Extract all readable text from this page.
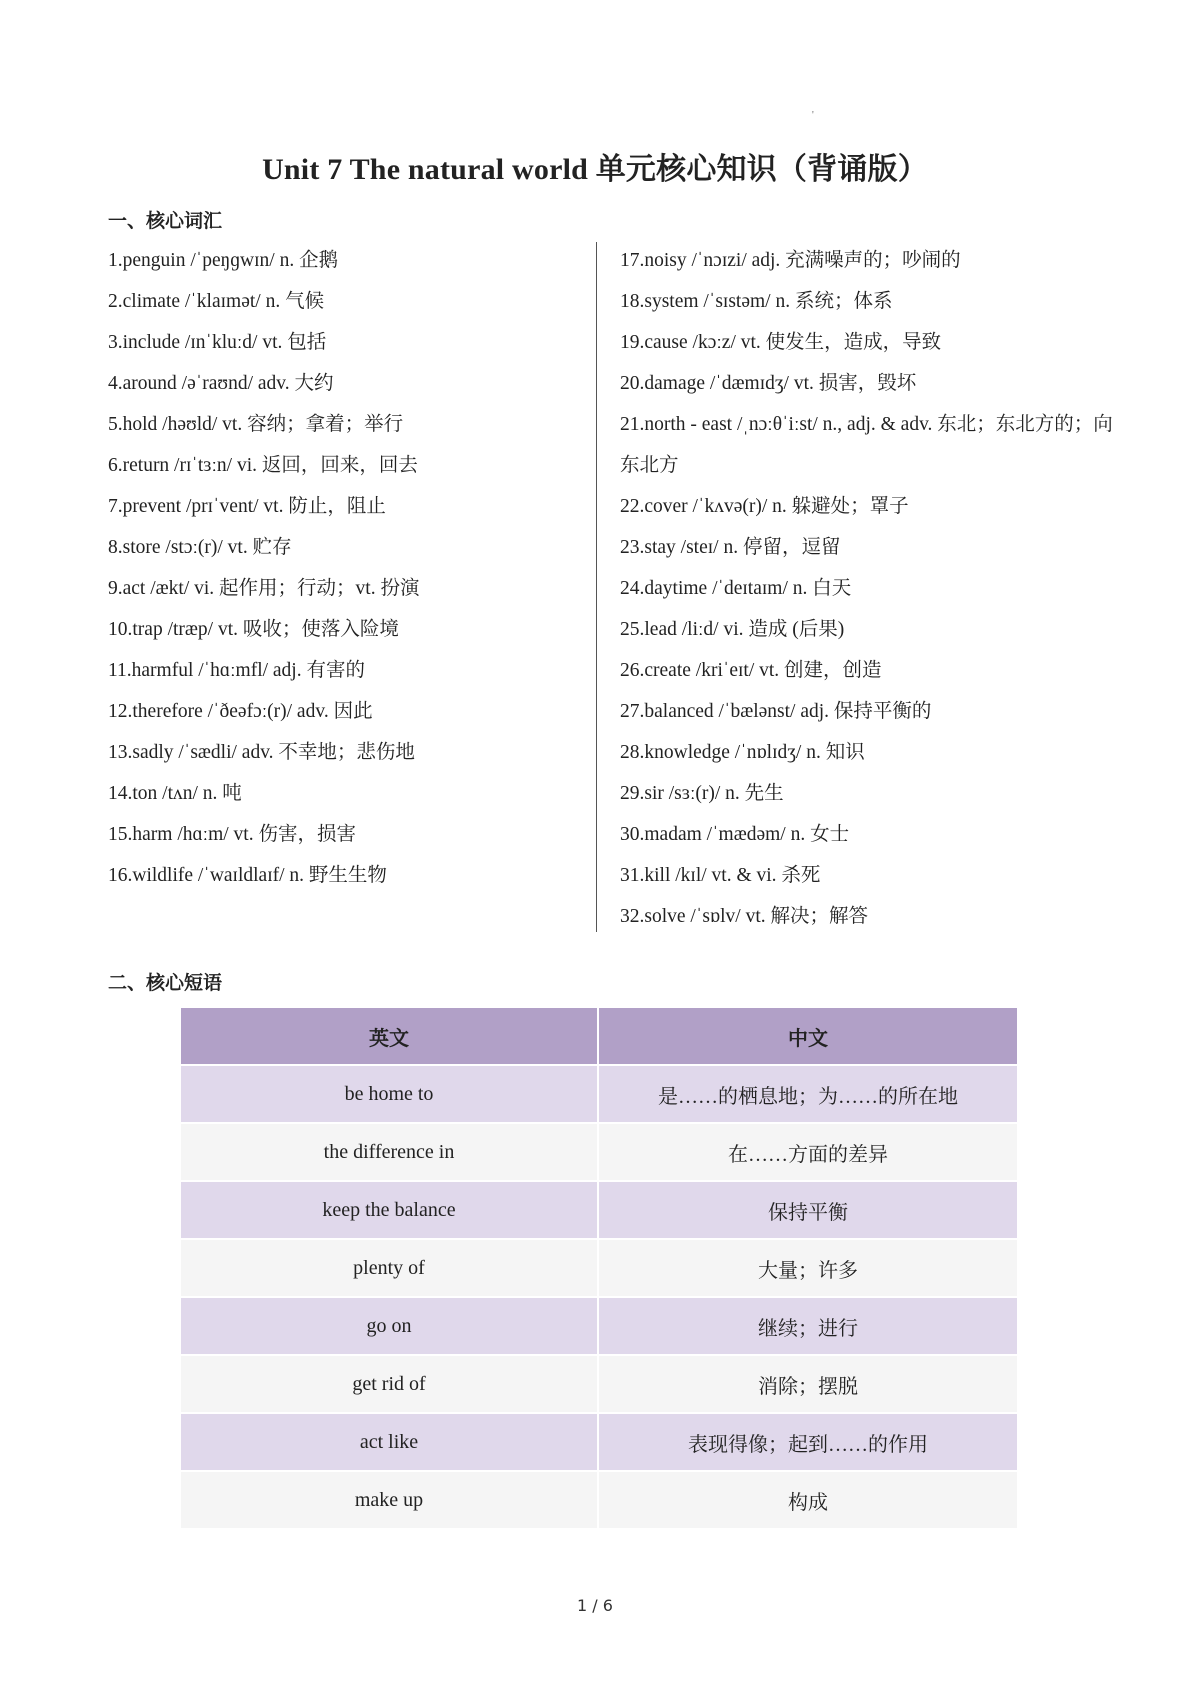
'
Unit 7 The natural world 单元核心知识（背诵版）
一、核心词汇
1.penguin /ˈpeŋɡwɪn/ n. 企鹅
2.climate /ˈklaɪmət/ n. 气候
3.include /ɪnˈkluːd/ vt. 包括
4.around /əˈraʊnd/ adv. 大约
5.hold /həʊld/ vt. 容纳；拿着；举行
6.return /rɪˈtɜːn/ vi. 返回，回来，回去
7.prevent /prɪˈvent/ vt. 防止，阻止
8.store /stɔː(r)/ vt. 贮存
9.act /ækt/ vi. 起作用；行动；vt. 扮演
10.trap /træp/ vt. 吸收；使落入险境
11.harmful /ˈhɑːmfl/ adj. 有害的
12.therefore /ˈðeəfɔː(r)/ adv. 因此
13.sadly /ˈsædli/ adv. 不幸地；悲伤地
14.ton /tʌn/ n. 吨
15.harm /hɑːm/ vt. 伤害，损害
16.wildlife /ˈwaɪldlaɪf/ n. 野生生物
17.noisy /ˈnɔɪzi/ adj. 充满噪声的；吵闹的
18.system /ˈsɪstəm/ n. 系统；体系
19.cause /kɔːz/ vt. 使发生，造成，导致
20.damage /ˈdæmɪdʒ/ vt. 损害，毁坏
21.north - east /ˌnɔːθˈiːst/ n., adj. & adv. 东北；东北方的；向东北方
22.cover /ˈkʌvə(r)/ n. 躲避处；罩子
23.stay /steɪ/ n. 停留，逗留
24.daytime /ˈdeɪtaɪm/ n. 白天
25.lead /liːd/ vi. 造成 (后果)
26.create /kriˈeɪt/ vt. 创建，创造
27.balanced /ˈbælənst/ adj. 保持平衡的
28.knowledge /ˈnɒlɪdʒ/ n. 知识
29.sir /sɜː(r)/ n. 先生
30.madam /ˈmædəm/ n. 女士
31.kill /kɪl/ vt. & vi. 杀死
32.solve /ˈsɒlv/ vt. 解决；解答
二、核心短语
英文	中文
be home to	是……的栖息地；为……的所在地
the difference in	在……方面的差异
keep the balance	保持平衡
plenty of	大量；许多
go on	继续；进行
get rid of	消除；摆脱
act like	表现得像；起到……的作用
make up	构成
1 / 6
